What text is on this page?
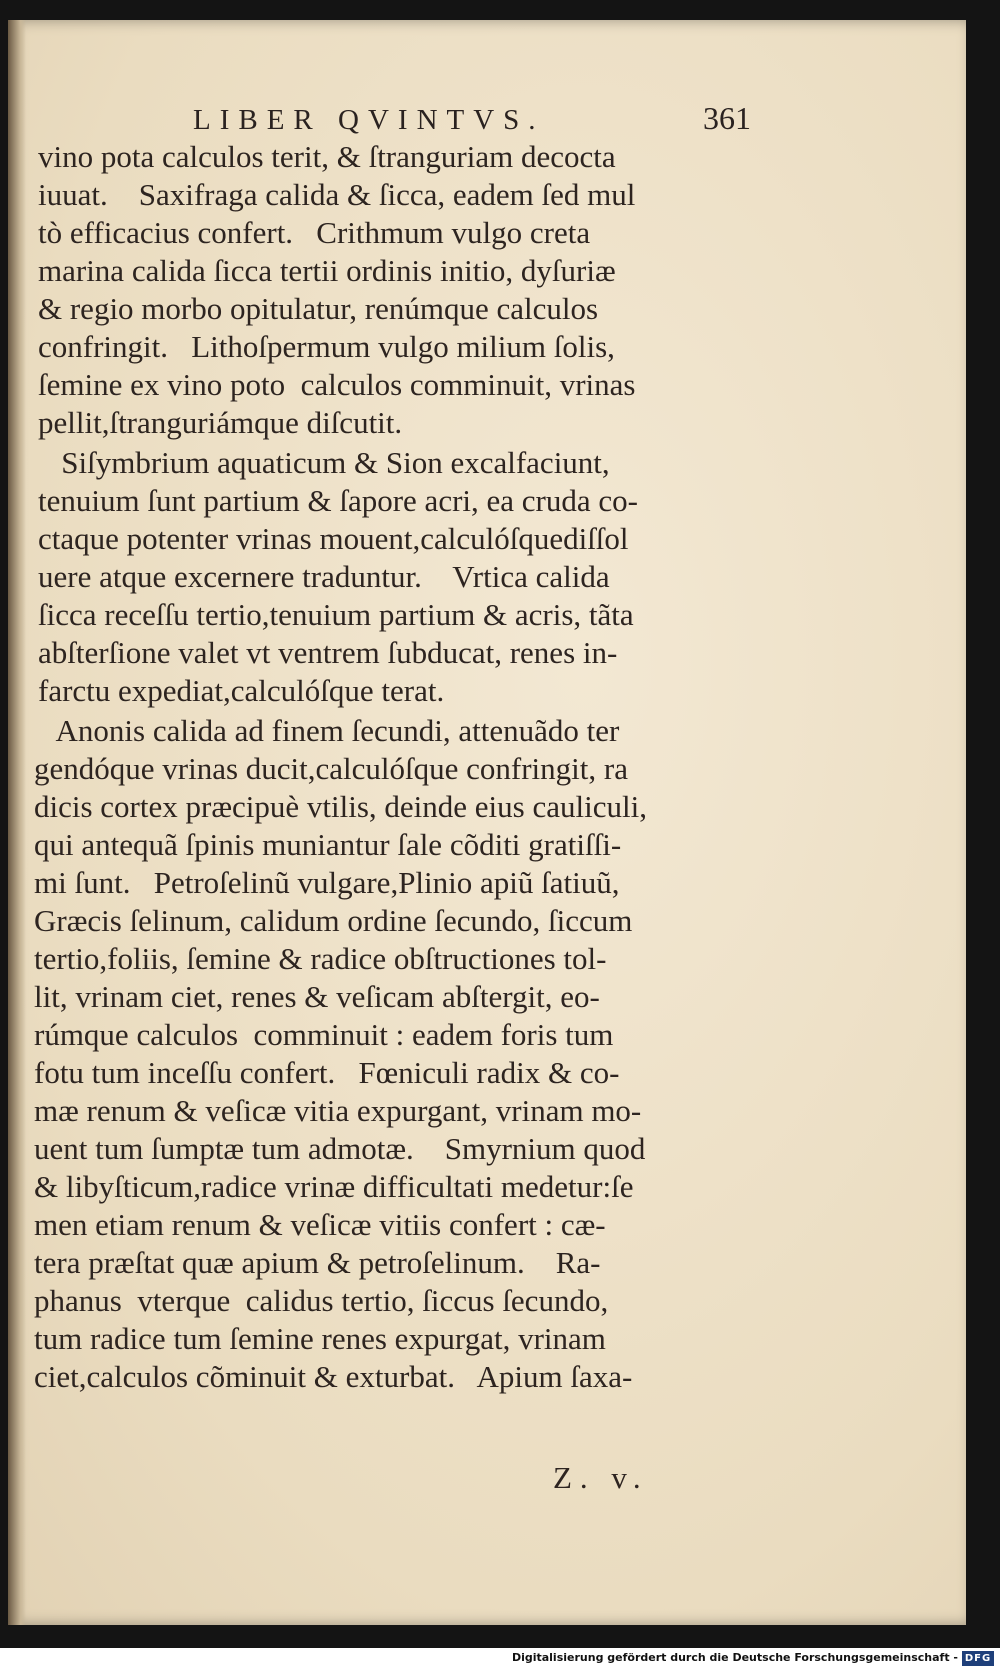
LIBER QVINTVS.	361
vino pota calculos terit, & ſtranguriam decocta
iuuat.    Saxifraga calida & ſicca, eadem ſed mul
tò efficacius confert.   Crithmum vulgo creta
marina calida ſicca tertii ordinis initio, dyſuriæ
& regio morbo opitulatur, renúmque calculos
confringit.   Lithoſpermum vulgo milium ſolis,
ſemine ex vino poto  calculos comminuit, vrinas
pellit,ſtranguriámque diſcutit.
Siſymbrium aquaticum & Sion excalfaciunt,
tenuium ſunt partium & ſapore acri, ea cruda co-
ctaque potenter vrinas mouent,calculóſquediſſol
uere atque excernere traduntur.    Vrtica calida
ſicca receſſu tertio,tenuium partium & acris, tãta
abſterſione valet vt ventrem ſubducat, renes in-
farctu expediat,calculóſque terat.
Anonis calida ad finem ſecundi, attenuãdo ter
gendóque vrinas ducit,calculóſque confringit, ra
dicis cortex præcipuè vtilis, deinde eius cauliculi,
qui antequã ſpinis muniantur ſale cõditi gratiſſi-
mi ſunt.   Petroſelinũ vulgare,Plinio apiũ ſatiuũ,
Græcis ſelinum, calidum ordine ſecundo, ſiccum
tertio,foliis, ſemine & radice obſtructiones tol-
lit, vrinam ciet, renes & veſicam abſtergit, eo-
rúmque calculos  comminuit : eadem foris tum
fotu tum inceſſu confert.   Fœniculi radix & co-
mæ renum & veſicæ vitia expurgant, vrinam mo-
uent tum ſumptæ tum admotæ.    Smyrnium quod
& libyſticum,radice vrinæ difficultati medetur:ſe
men etiam renum & veſicæ vitiis confert : cæ-
tera præſtat quæ apium & petroſelinum.    Ra-
phanus  vterque  calidus tertio, ſiccus ſecundo,
tum radice tum ſemine renes expurgat, vrinam
ciet,calculos cõminuit & exturbat.   Apium ſaxa-
Z. v.
Digitalisierung gefördert durch die Deutsche Forschungsgemeinschaft - DFG
